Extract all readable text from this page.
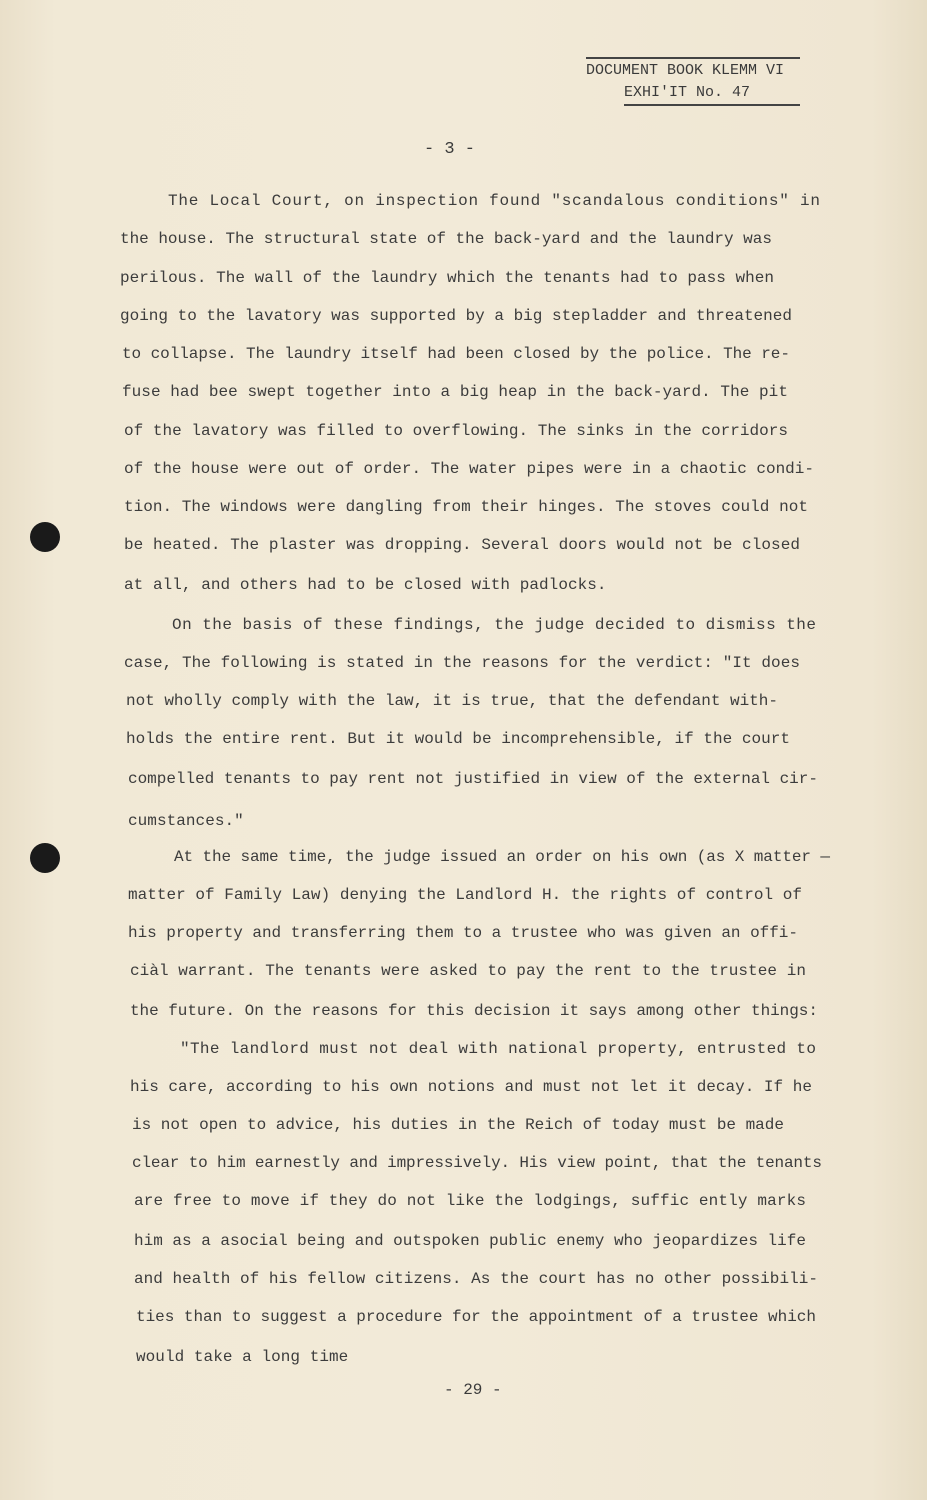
DOCUMENT BOOK KLEMM VI
EXHI'IT No. 47
- 3 -
The Local Court, on inspection found "scandalous conditions" in
the house. The structural state of the back-yard and the laundry was
perilous. The wall of the laundry which the tenants had to pass when
going to the lavatory was supported by a big stepladder and threatened
to collapse. The laundry itself had been closed by the police. The re-
fuse had bee swept together into a big heap in the back-yard. The pit
of the lavatory was filled to overflowing. The sinks in the corridors
of the house were out of order. The water pipes were in a chaotic condi-
tion. The windows were dangling from their hinges. The stoves could not
be heated. The plaster was dropping. Several doors would not be closed
at all, and others had to be closed with padlocks.
On the basis of these findings, the judge decided to dismiss the
case, The following is stated in the reasons for the verdict: "It does
not wholly comply with the law, it is true, that the defendant with-
holds the entire rent. But it would be incomprehensible, if the court
compelled tenants to pay rent not justified in view of the external cir-
cumstances."
At the same time, the judge issued an order on his own (as X matter —
matter of Family Law) denying the Landlord H. the rights of control of
his property and transferring them to a trustee who was given an offi-
ciàl warrant. The tenants were asked to pay the rent to the trustee in
the future. On the reasons for this decision it says among other things:
"The landlord must not deal with national property, entrusted to
his care, according to his own notions and must not let it decay. If he
is not open to advice, his duties in the Reich of today must be made
clear to him earnestly and impressively. His view point, that the tenants
are free to move if they do not like the lodgings, suffic ently marks
him as a asocial being and outspoken public enemy who jeopardizes life
and health of his fellow citizens. As the court has no other possibili-
ties than to suggest a procedure for the appointment of a trustee which
would take a long time
- 29 -
